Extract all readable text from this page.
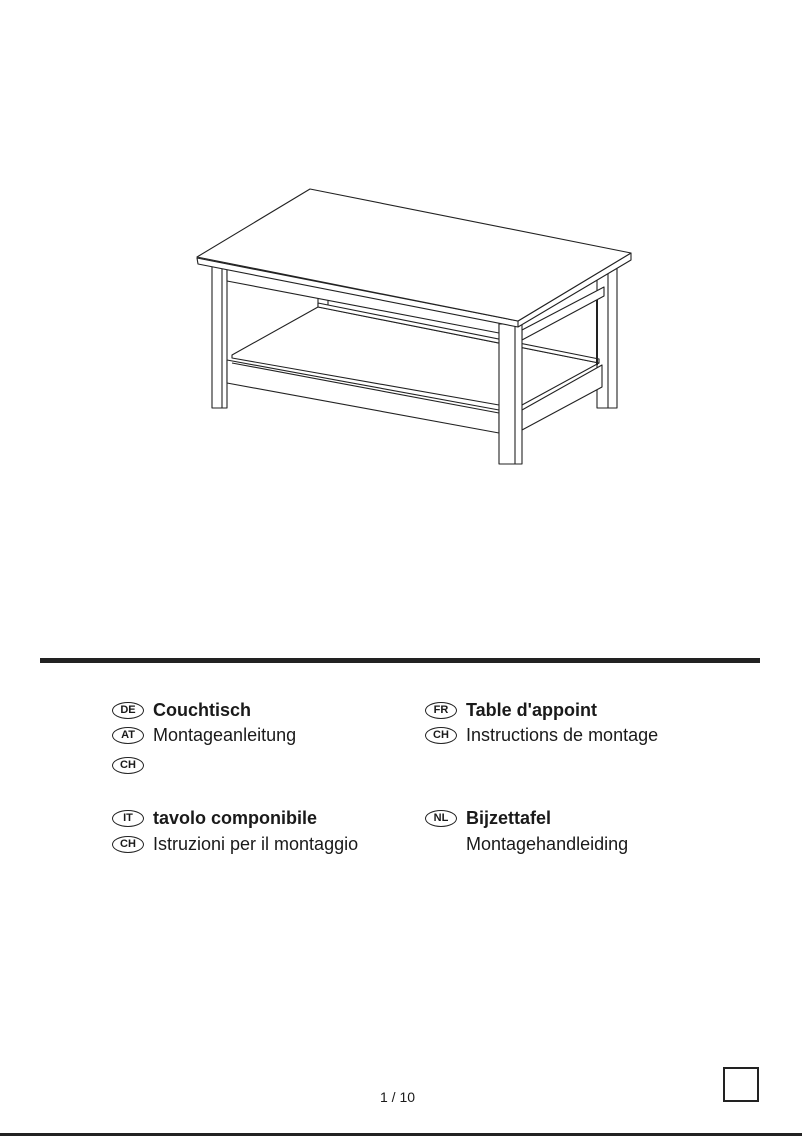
DE Couchtisch
AT	Montageanleitung
CH
FR Table d'appoint
CH Instructions de montage
IT	tavolo componibile
CH Istruzioni per il montaggio
NL Bijzettafel
Montagehandleiding
1 / 10
